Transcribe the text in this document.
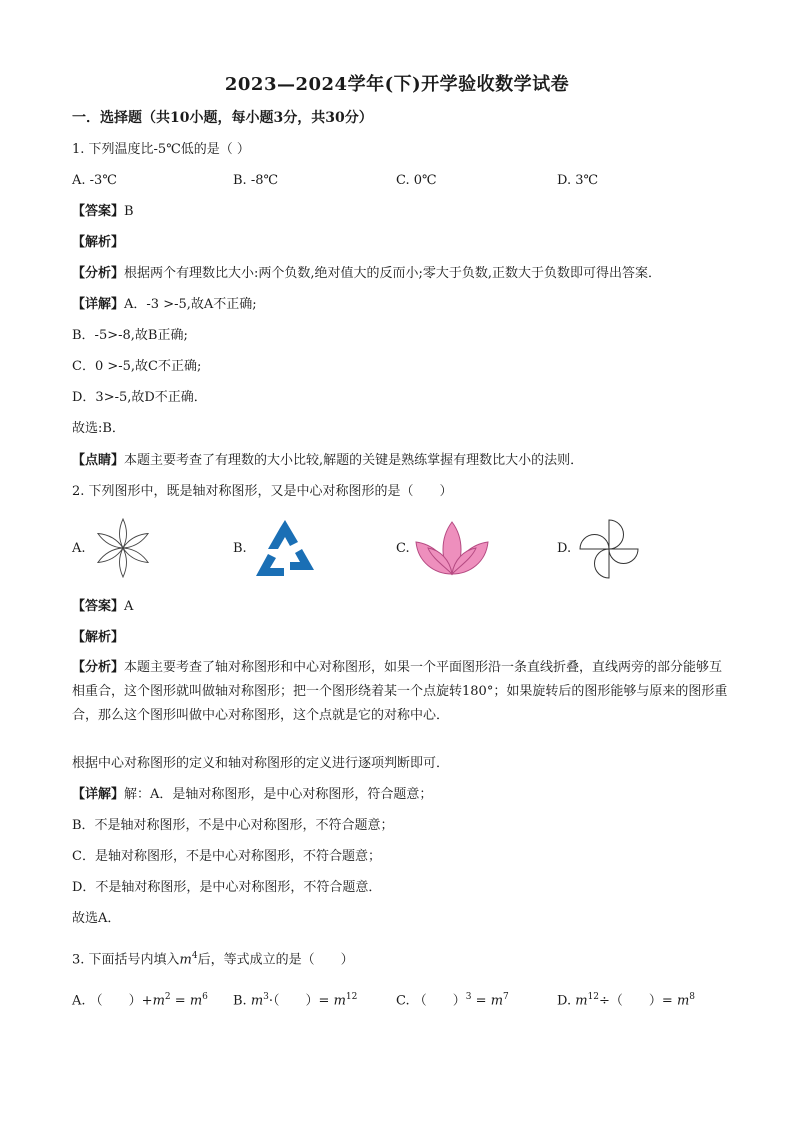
2023—2024学年(下)开学验收数学试卷
一．选择题（共10小题，每小题3分，共30分）
1. 下列温度比-5℃低的是（ ）
A. -3℃	B. -8℃	C. 0℃	D. 3℃
【答案】B
【解析】
【分析】根据两个有理数比大小:两个负数,绝对值大的反而小;零大于负数,正数大于负数即可得出答案．
【详解】A．-3 >-5,故A不正确;
B．-5>-8,故B正确;
C．0 >-5,故C不正确;
D．3>-5,故D不正确．
故选:B．
【点睛】本题主要考查了有理数的大小比较,解题的关键是熟练掌握有理数比大小的法则．
2. 下列图形中，既是轴对称图形，又是中心对称图形的是（　　）
A.	B.	C.	D.
【答案】A
【解析】
【分析】本题主要考查了轴对称图形和中心对称图形，如果一个平面图形沿一条直线折叠，直线两旁的部分能够互相重合，这个图形就叫做轴对称图形；把一个图形绕着某一个点旋转180°；如果旋转后的图形能够与原来的图形重合，那么这个图形叫做中心对称图形，这个点就是它的对称中心．
根据中心对称图形的定义和轴对称图形的定义进行逐项判断即可．
【详解】解：A．是轴对称图形，是中心对称图形，符合题意；
B．不是轴对称图形，不是中心对称图形，不符合题意；
C．是轴对称图形，不是中心对称图形，不符合题意；
D．不是轴对称图形，是中心对称图形，不符合题意．
故选A．
3. 下面括号内填入$m^4$后，等式成立的是（　　）
A. （　　）$+m^2 = m^6$ B. $m^3\cdot$（　　）= $m^{12}$	C. （　　）$^3 = m^7$	D. $m^{12}\div$（　　）= $m^8$
